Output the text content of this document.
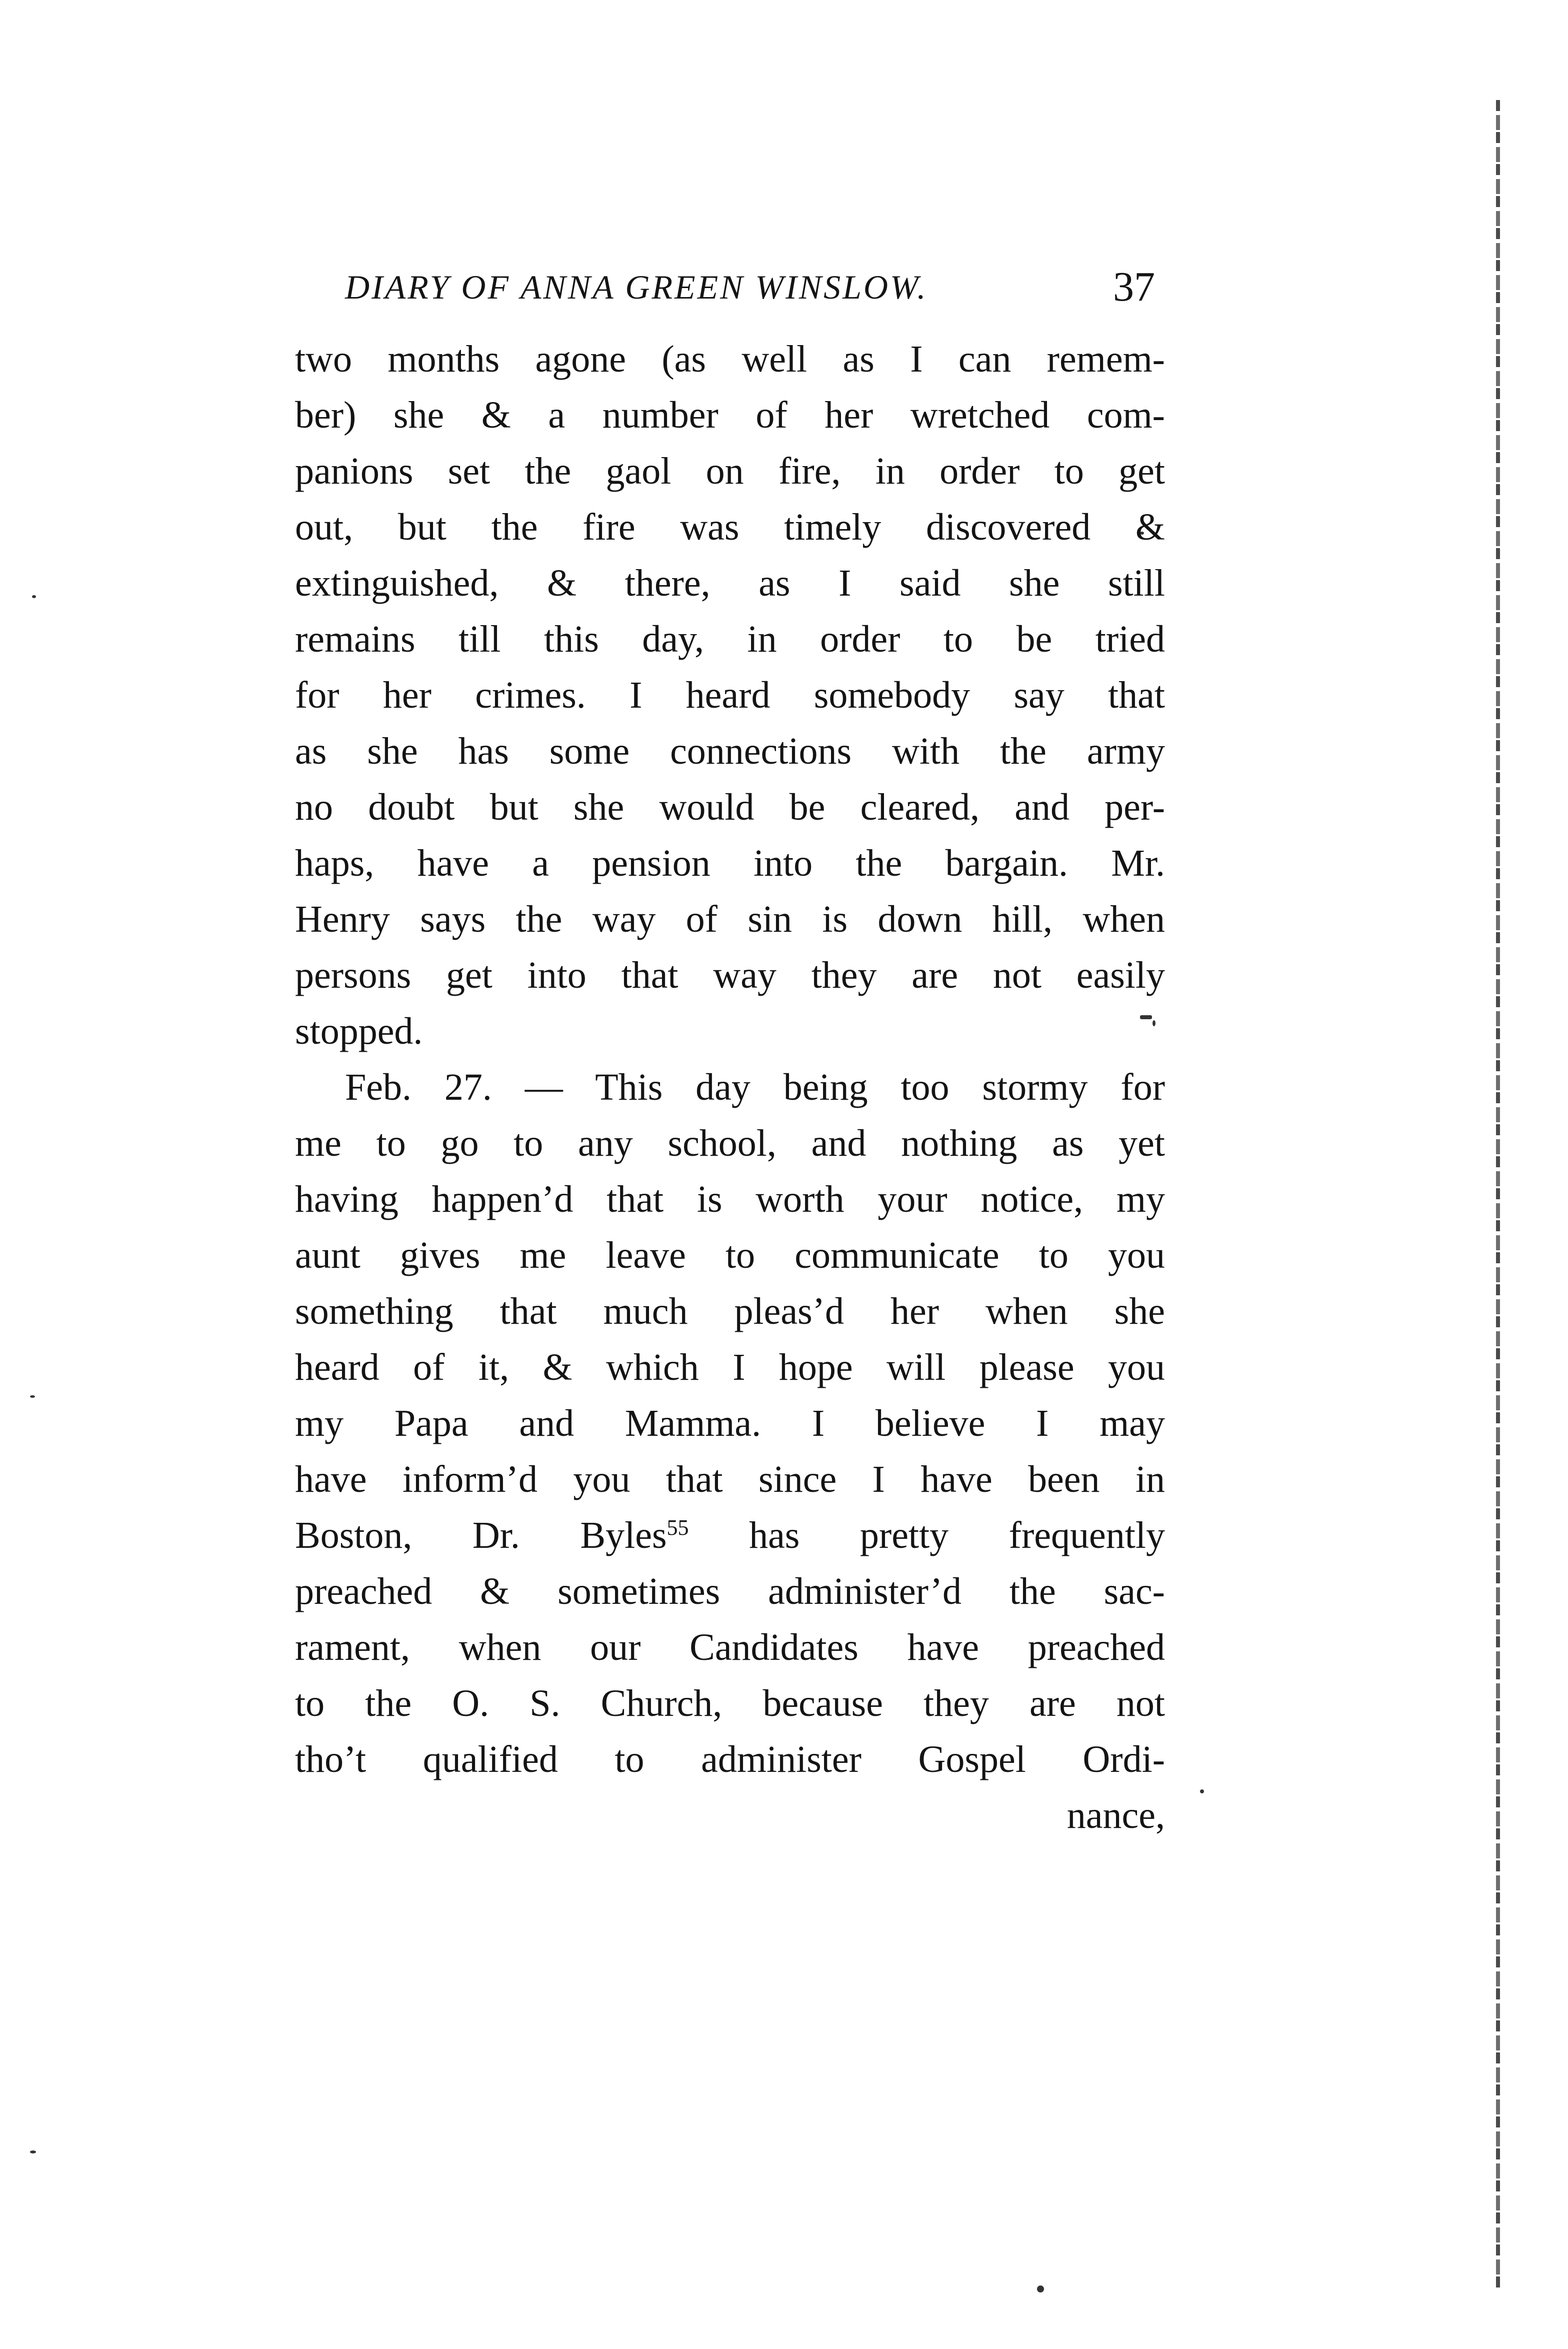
DIARY OF ANNA GREEN WINSLOW.	37
two months agone (as well as I can remem-
ber) she & a number of her wretched com-
panions set the gaol on fire, in order to get
out, but the fire was timely discovered &
extinguished, & there, as I said she still
remains till this day, in order to be tried
for her crimes. I heard somebody say that
as she has some connections with the army
no doubt but she would be cleared, and per-
haps, have a pension into the bargain. Mr.
Henry says the way of sin is down hill, when
persons get into that way they are not easily
stopped.
Feb. 27. — This day being too stormy for
me to go to any school, and nothing as yet
having happen’d that is worth your notice, my
aunt gives me leave to communicate to you
something that much pleas’d her when she
heard of it, & which I hope will please you
my Papa and Mamma. I believe I may
have inform’d you that since I have been in
Boston, Dr. Byles$^{55}$ has pretty frequently
preached & sometimes administer’d the sac-
rament, when our Candidates have preached
to the O. S. Church, because they are not
tho’t qualified to administer Gospel Ordi-
nance,
